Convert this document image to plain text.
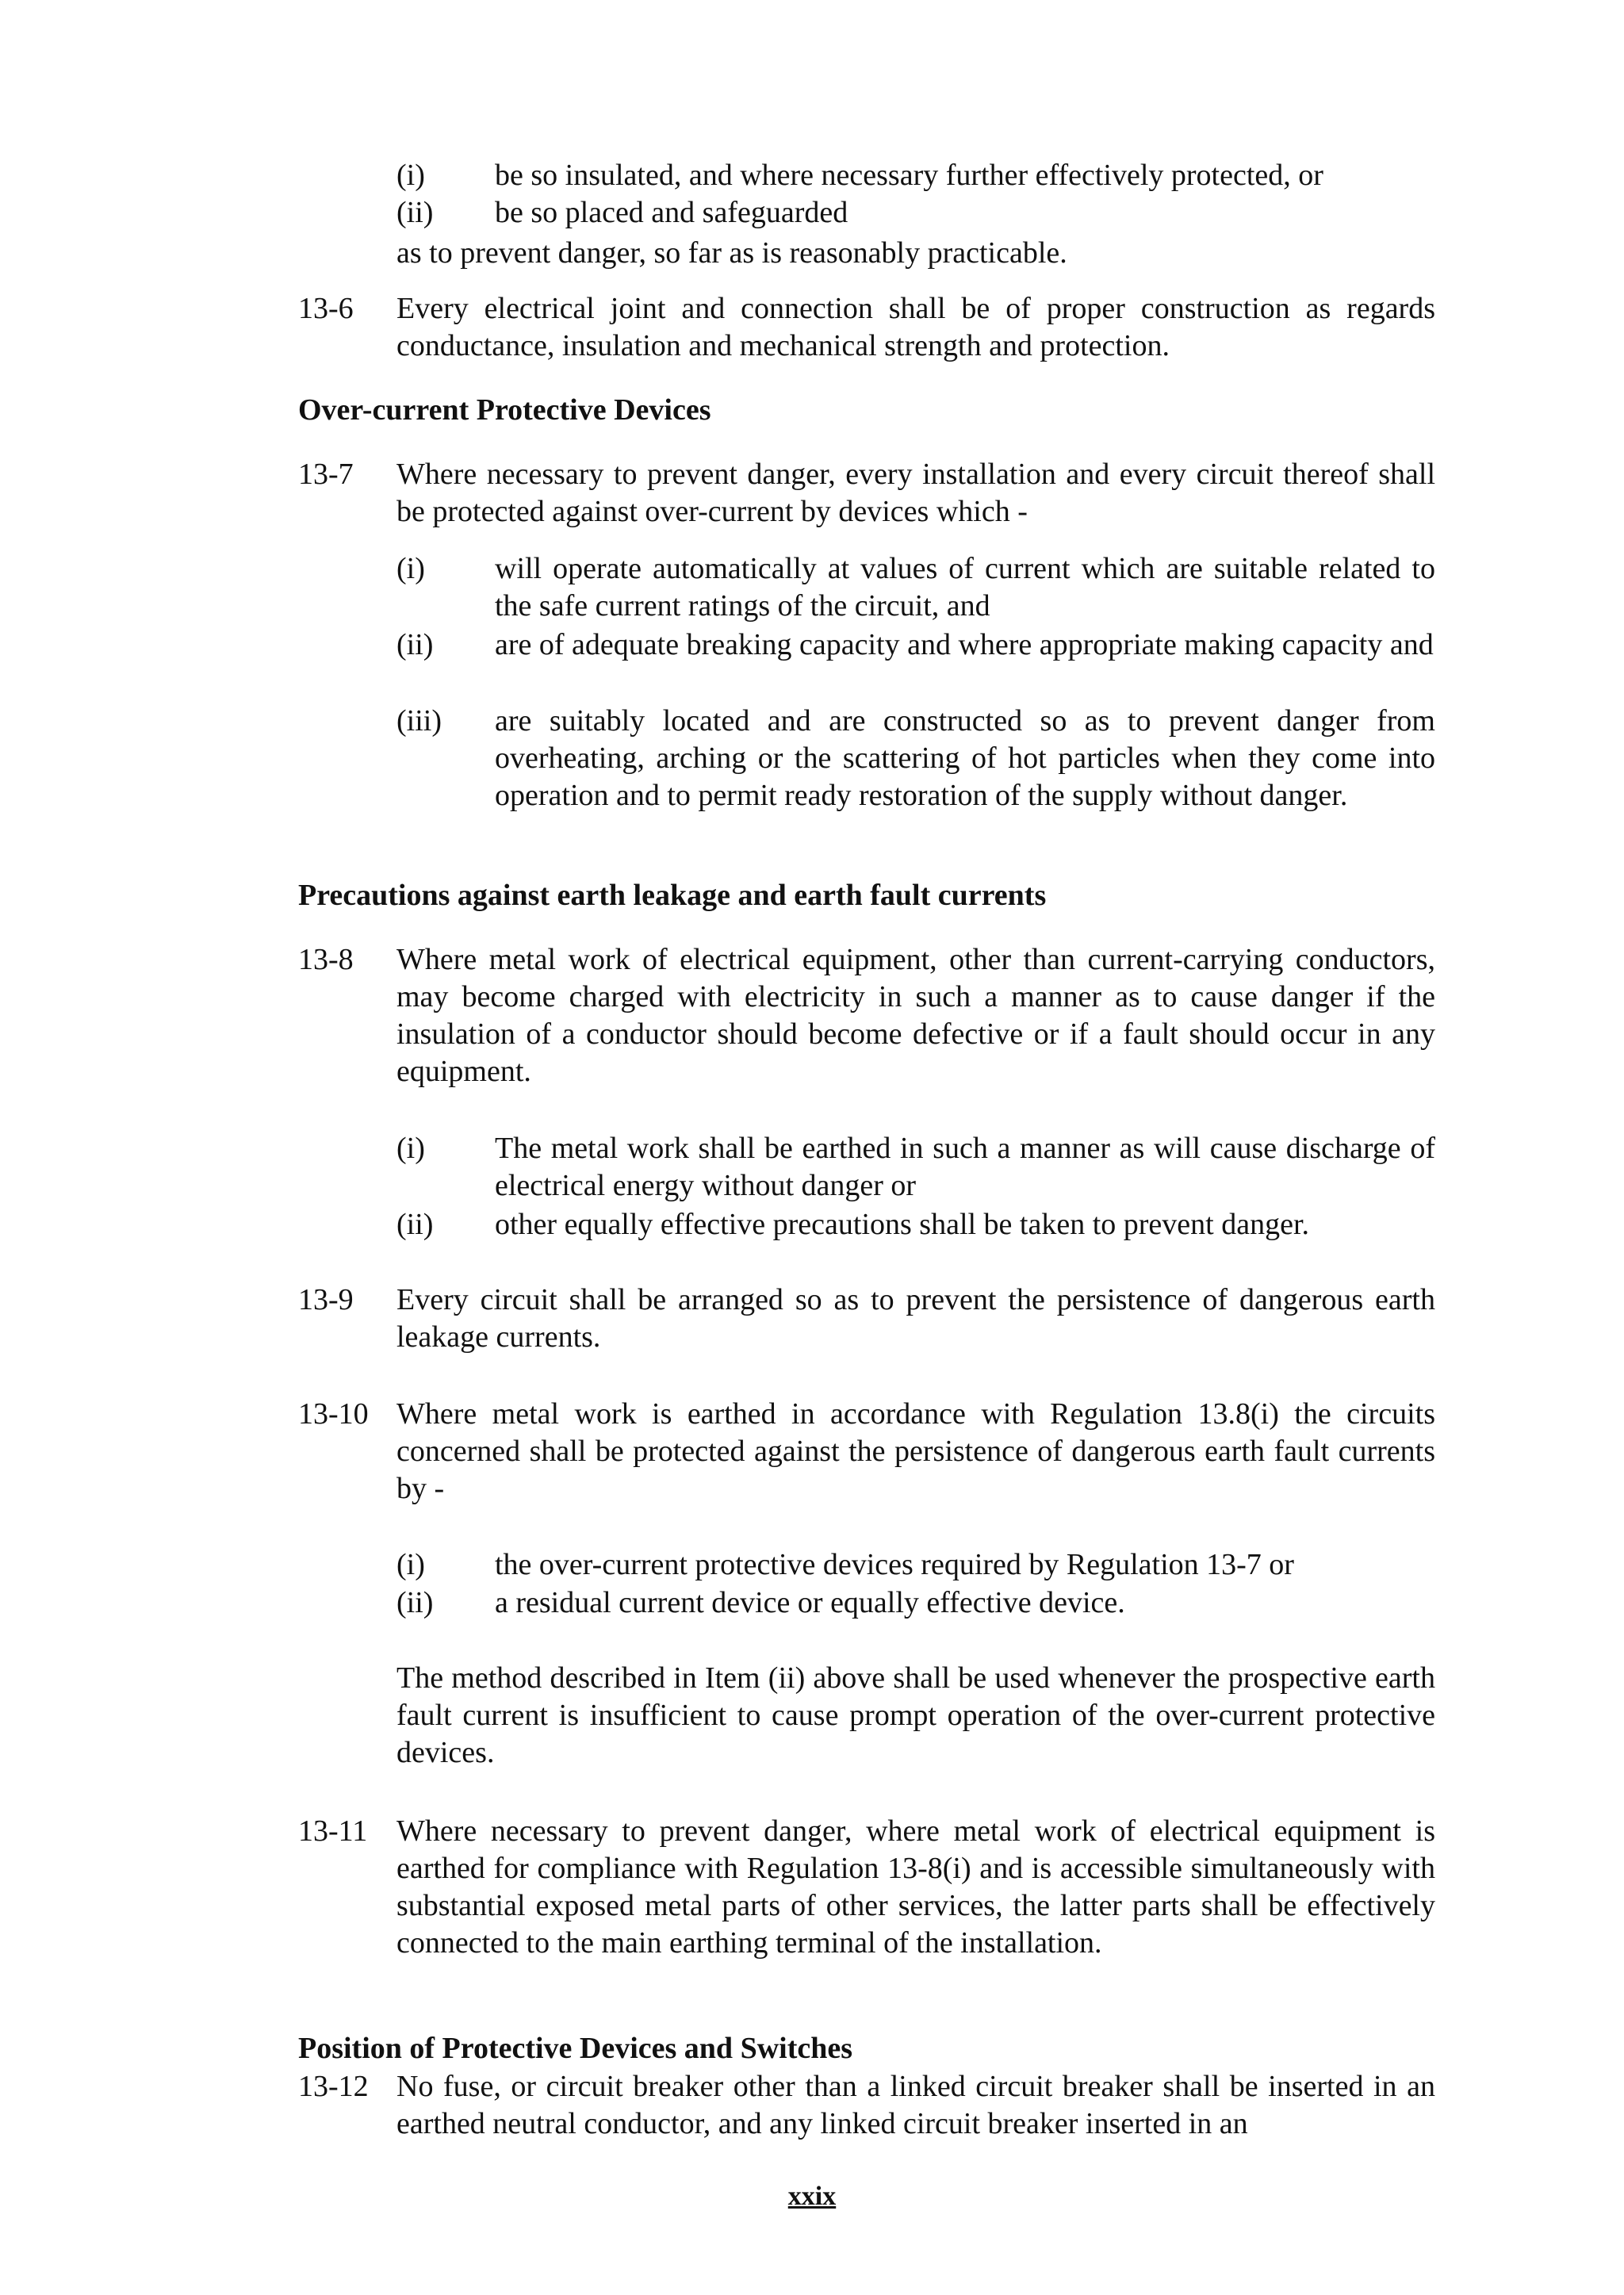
(i) be so insulated, and where necessary further effectively protected, or

(ii) be so placed and safeguarded

as to prevent danger, so far as is reasonably practicable.

13-6 Every electrical joint and connection shall be of proper construction as regards conductance, insulation and mechanical strength and protection.

Over-current Protective Devices

13-7 Where necessary to prevent danger, every installation and every circuit thereof shall be protected against over-current by devices which -

(i) will operate automatically at values of current which are suitable related to the safe current ratings of the circuit, and

(ii) are of adequate breaking capacity and where appropriate making capacity and

(iii) are suitably located and are constructed so as to prevent danger from overheating, arching or the scattering of hot particles when they come into operation and to permit ready restoration of the supply without danger.

Precautions against earth leakage and earth fault currents

13-8 Where metal work of electrical equipment, other than current-carrying conductors, may become charged with electricity in such a manner as to cause danger if the insulation of a conductor should become defective or if a fault should occur in any equipment.

(i) The metal work shall be earthed in such a manner as will cause discharge of electrical energy without danger or

(ii) other equally effective precautions shall be taken to prevent danger.

13-9 Every circuit shall be arranged so as to prevent the persistence of dangerous earth leakage currents.

13-10 Where metal work is earthed in accordance with Regulation 13.8(i) the circuits concerned shall be protected against the persistence of dangerous earth fault currents by -

(i) the over-current protective devices required by Regulation 13-7 or

(ii) a residual current device or equally effective device.

The method described in Item (ii) above shall be used whenever the prospective earth fault current is insufficient to cause prompt operation of the over-current protective devices.

13-11 Where necessary to prevent danger, where metal work of electrical equipment is earthed for compliance with Regulation 13-8(i) and is accessible simultaneously with substantial exposed metal parts of other services, the latter parts shall be effectively connected to the main earthing terminal of the installation.

Position of Protective Devices and Switches

13-12 No fuse, or circuit breaker other than a linked circuit breaker shall be inserted in an earthed neutral conductor, and any linked circuit breaker inserted in an

xxix
